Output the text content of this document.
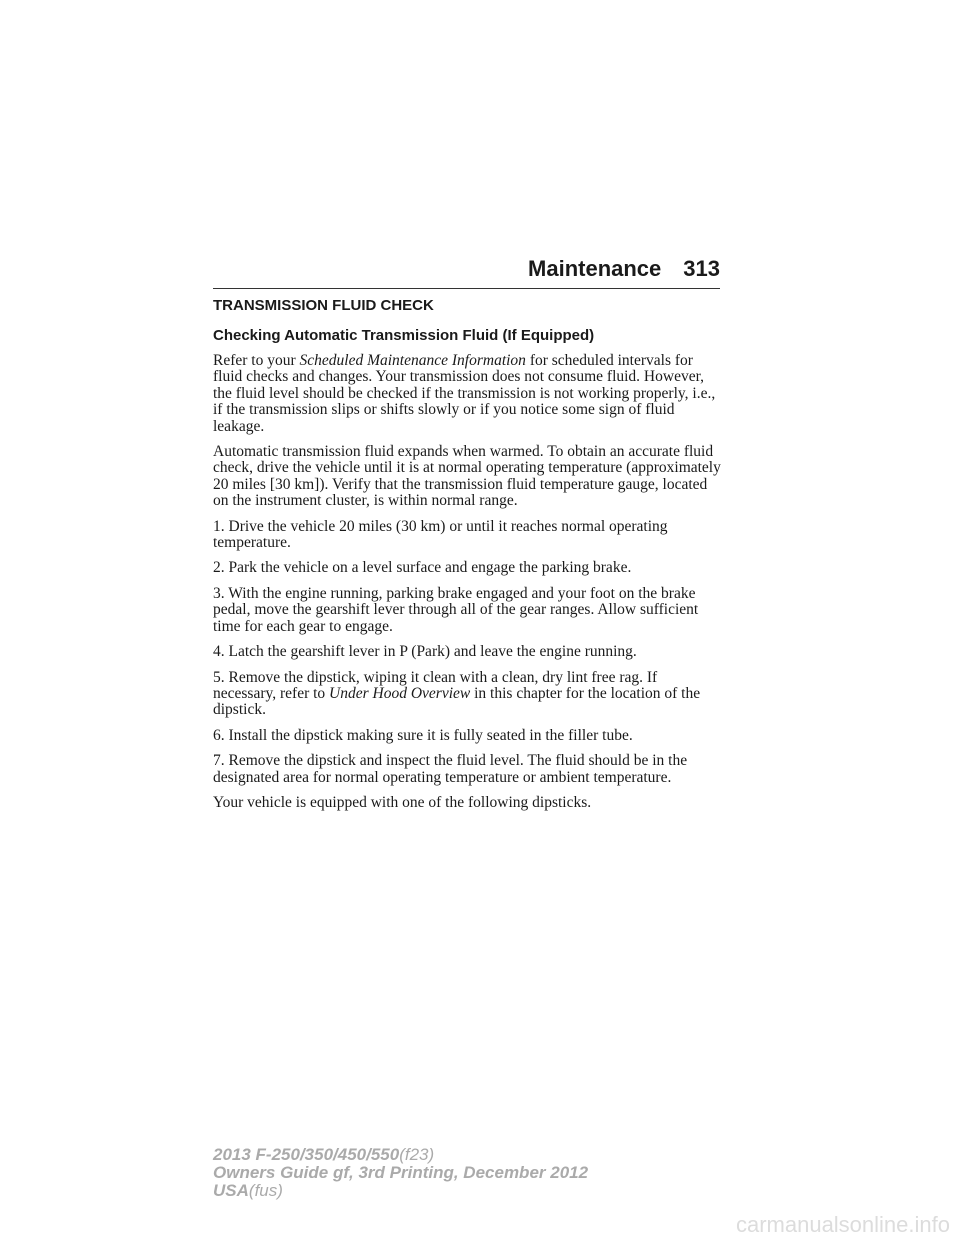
Maintenance 313
TRANSMISSION FLUID CHECK
Checking Automatic Transmission Fluid (If Equipped)

Refer to your Scheduled Maintenance Information for scheduled intervals for fluid checks and changes. Your transmission does not consume fluid. However, the fluid level should be checked if the transmission is not working properly, i.e., if the transmission slips or shifts slowly or if you notice some sign of fluid leakage.

Automatic transmission fluid expands when warmed. To obtain an accurate fluid check, drive the vehicle until it is at normal operating temperature (approximately 20 miles [30 km]). Verify that the transmission fluid temperature gauge, located on the instrument cluster, is within normal range.

1. Drive the vehicle 20 miles (30 km) or until it reaches normal operating temperature.

2. Park the vehicle on a level surface and engage the parking brake.

3. With the engine running, parking brake engaged and your foot on the brake pedal, move the gearshift lever through all of the gear ranges. Allow sufficient time for each gear to engage.

4. Latch the gearshift lever in P (Park) and leave the engine running.

5. Remove the dipstick, wiping it clean with a clean, dry lint free rag. If necessary, refer to Under Hood Overview in this chapter for the location of the dipstick.

6. Install the dipstick making sure it is fully seated in the filler tube.

7. Remove the dipstick and inspect the fluid level. The fluid should be in the designated area for normal operating temperature or ambient temperature.

Your vehicle is equipped with one of the following dipsticks.

2013 F-250/350/450/550(f23)
Owners Guide gf, 3rd Printing, December 2012
USA(fus)
carmanualsonline.info
